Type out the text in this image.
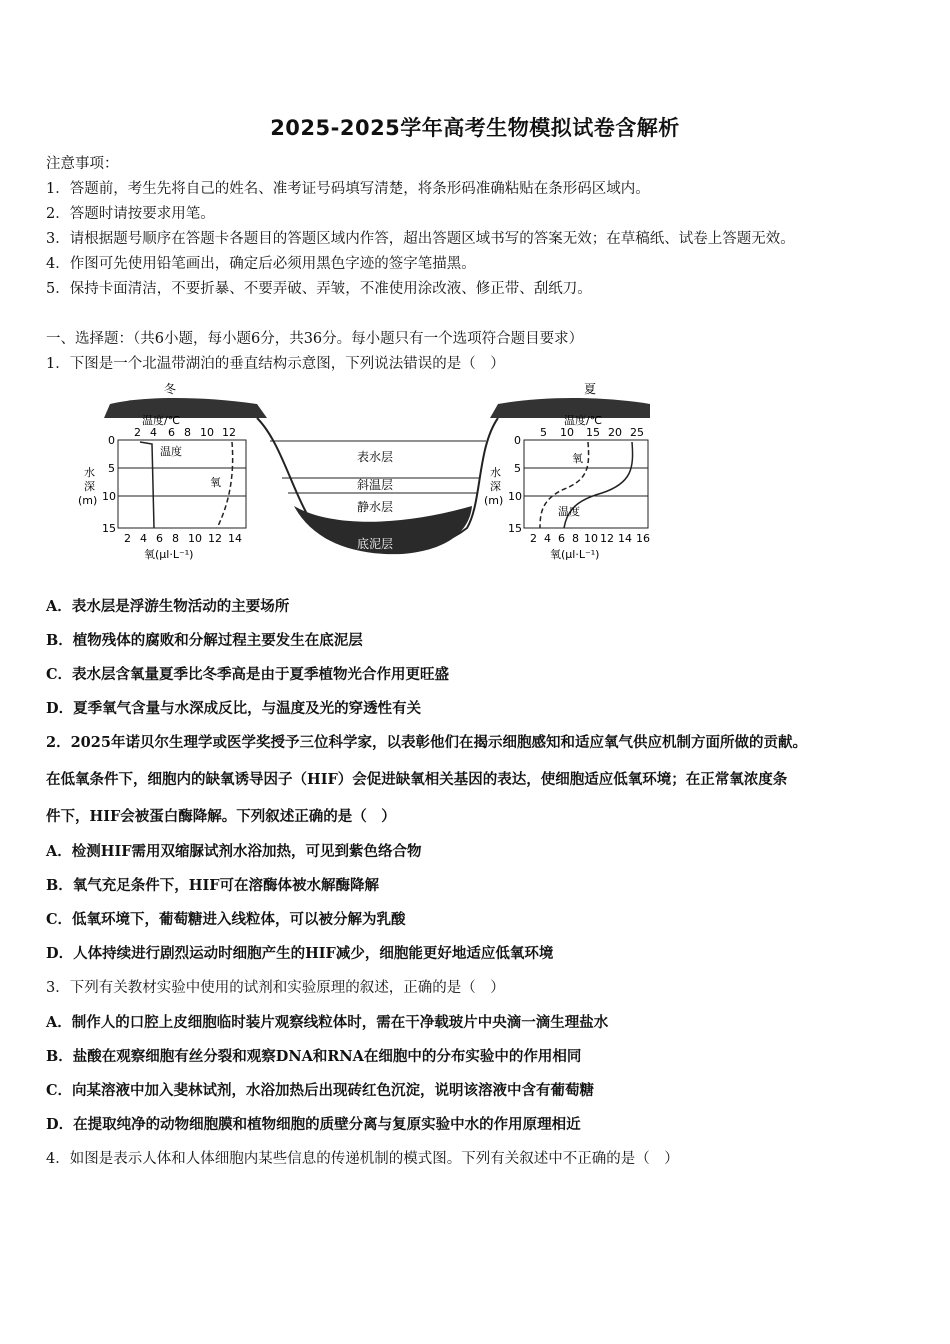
2025-2025学年高考生物模拟试卷含解析
注意事项：
1．答题前，考生先将自己的姓名、准考证号码填写清楚，将条形码准确粘贴在条形码区域内。
2．答题时请按要求用笔。
3．请根据题号顺序在答题卡各题目的答题区域内作答，超出答题区域书写的答案无效；在草稿纸、试卷上答题无效。
4．作图可先使用铅笔画出，确定后必须用黑色字迹的签字笔描黑。
5．保持卡面清洁，不要折暴、不要弄破、弄皱，不准使用涂改液、修正带、刮纸刀。
一、选择题：（共6小题，每小题6分，共36分。每小题只有一个选项符合题目要求）
1．下图是一个北温带湖泊的垂直结构示意图，下列说法错误的是（　）
表水层
斜温层
静水层
底泥层
冬
温度/℃
2 4 6 8 10 12
0
5
10
15
水
深
(m)
温度
氧
2 4 6 8 10 12 14
氧(μl·L⁻¹)
夏
温度/℃
5 10 15 20 25
0
5
10
15
水
深
(m)
氧
温度
2 4 6 8 10 12 14 16
氧(μl·L⁻¹)
A．表水层是浮游生物活动的主要场所
B．植物残体的腐败和分解过程主要发生在底泥层
C．表水层含氧量夏季比冬季高是由于夏季植物光合作用更旺盛
D．夏季氧气含量与水深成反比，与温度及光的穿透性有关
2．2025年诺贝尔生理学或医学奖授予三位科学家，以表彰他们在揭示细胞感知和适应氧气供应机制方面所做的贡献。
在低氧条件下，细胞内的缺氧诱导因子（HIF）会促进缺氧相关基因的表达，使细胞适应低氧环境；在正常氧浓度条
件下，HIF会被蛋白酶降解。下列叙述正确的是（　）
A．检测HIF需用双缩脲试剂水浴加热，可见到紫色络合物
B．氧气充足条件下，HIF可在溶酶体被水解酶降解
C．低氧环境下，葡萄糖进入线粒体，可以被分解为乳酸
D．人体持续进行剧烈运动时细胞产生的HIF减少，细胞能更好地适应低氧环境
3．下列有关教材实验中使用的试剂和实验原理的叙述，正确的是（　）
A．制作人的口腔上皮细胞临时装片观察线粒体时，需在干净载玻片中央滴一滴生理盐水
B．盐酸在观察细胞有丝分裂和观察DNA和RNA在细胞中的分布实验中的作用相同
C．向某溶液中加入斐林试剂，水浴加热后出现砖红色沉淀，说明该溶液中含有葡萄糖
D．在提取纯净的动物细胞膜和植物细胞的质壁分离与复原实验中水的作用原理相近
4．如图是表示人体和人体细胞内某些信息的传递机制的模式图。下列有关叙述中不正确的是（　）
